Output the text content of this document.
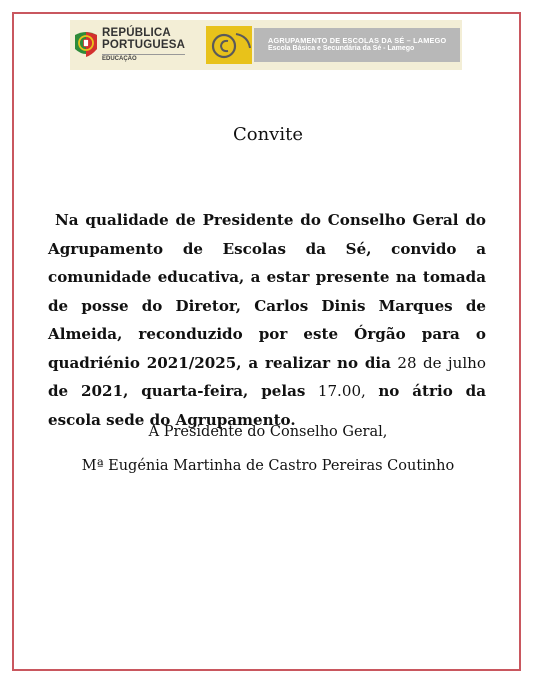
REPÚBLICA
PORTUGUESA
EDUCAÇÃO
AGRUPAMENTO DE ESCOLAS DA SÉ – LAMEGO
Escola Básica e Secundária da Sé - Lamego
Convite

Na qualidade de Presidente do Conselho Geral do Agrupamento de Escolas da Sé, convido a comunidade educativa, a estar presente na tomada de posse do Diretor, Carlos Dinis Marques de Almeida, reconduzido por este Órgão para o quadriénio 2021/2025, a realizar no dia 28 de julho de 2021, quarta-feira, pelas 17.00, no átrio da escola sede do Agrupamento.

A Presidente do Conselho Geral,

Mª Eugénia Martinha de Castro Pereiras Coutinho
